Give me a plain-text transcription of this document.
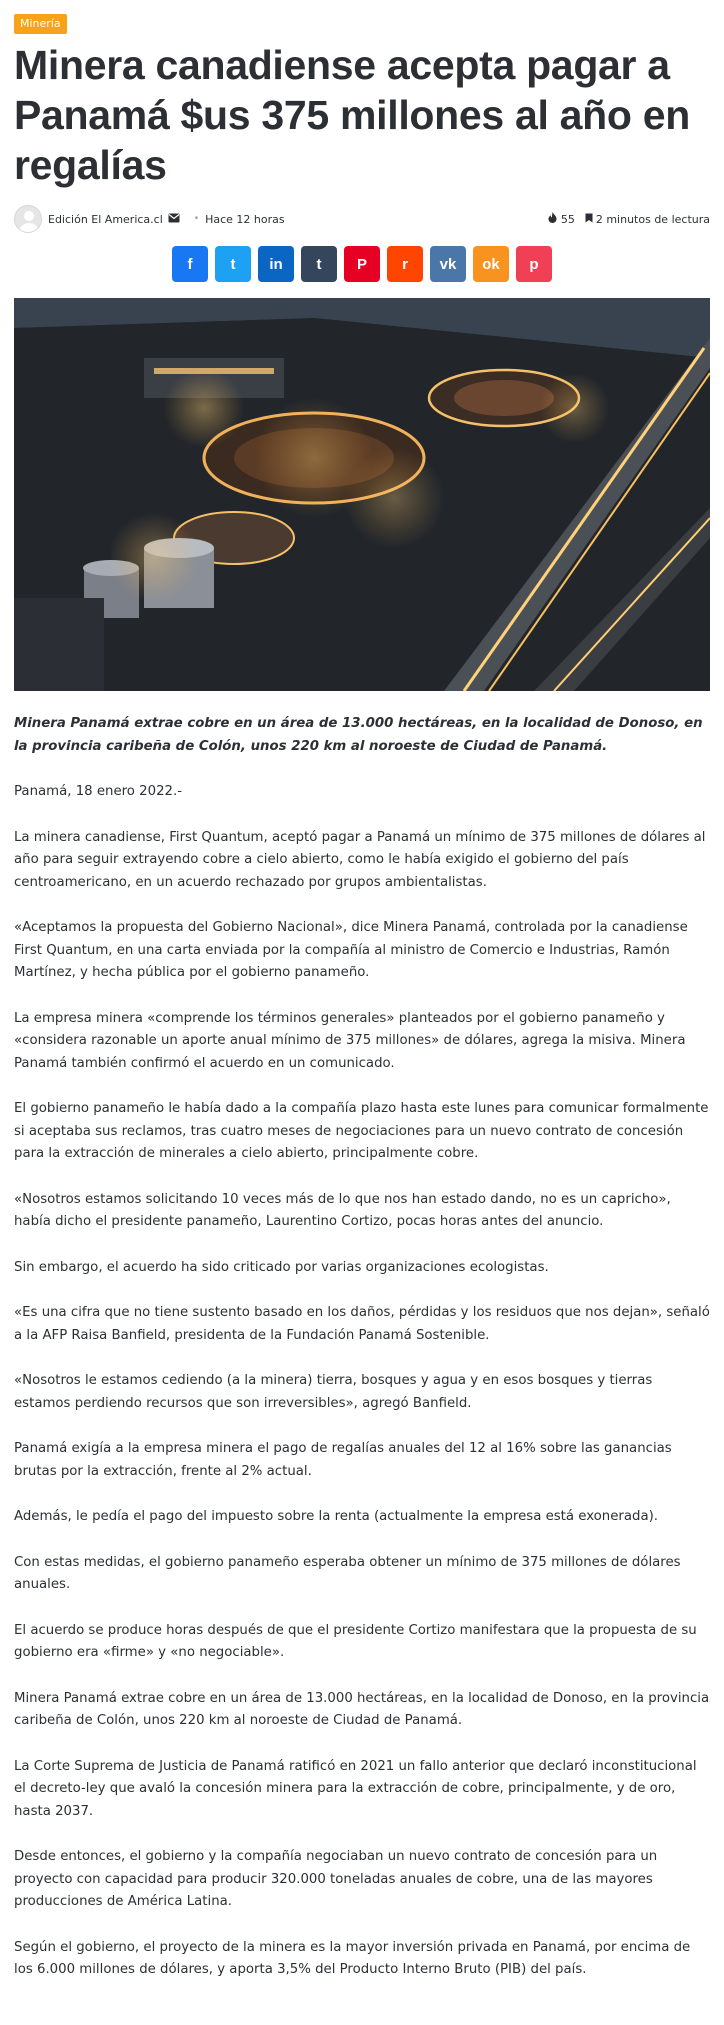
Minería
Minera canadiense acepta pagar a Panamá $us 375 millones al año en regalías
Edición El America.cl	• Hace 12 horas	55 2 minutos de lectura
f	t in t P r vk ok p

Minera Panamá extrae cobre en un área de 13.000 hectáreas, en la localidad de Donoso, en la provincia caribeña de Colón, unos 220 km al noroeste de Ciudad de Panamá.

Panamá, 18 enero 2022.-

La minera canadiense, First Quantum, aceptó pagar a Panamá un mínimo de 375 millones de dólares al año para seguir extrayendo cobre a cielo abierto, como le había exigido el gobierno del país centroamericano, en un acuerdo rechazado por grupos ambientalistas.

«Aceptamos la propuesta del Gobierno Nacional», dice Minera Panamá, controlada por la canadiense First Quantum, en una carta enviada por la compañía al ministro de Comercio e Industrias, Ramón Martínez, y hecha pública por el gobierno panameño.

La empresa minera «comprende los términos generales» planteados por el gobierno panameño y «considera razonable un aporte anual mínimo de 375 millones» de dólares, agrega la misiva. Minera Panamá también confirmó el acuerdo en un comunicado.

El gobierno panameño le había dado a la compañía plazo hasta este lunes para comunicar formalmente si aceptaba sus reclamos, tras cuatro meses de negociaciones para un nuevo contrato de concesión para la extracción de minerales a cielo abierto, principalmente cobre.

«Nosotros estamos solicitando 10 veces más de lo que nos han estado dando, no es un capricho», había dicho el presidente panameño, Laurentino Cortizo, pocas horas antes del anuncio.

Sin embargo, el acuerdo ha sido criticado por varias organizaciones ecologistas.

«Es una cifra que no tiene sustento basado en los daños, pérdidas y los residuos que nos dejan», señaló a la AFP Raisa Banfield, presidenta de la Fundación Panamá Sostenible.

«Nosotros le estamos cediendo (a la minera) tierra, bosques y agua y en esos bosques y tierras estamos perdiendo recursos que son irreversibles», agregó Banfield.

Panamá exigía a la empresa minera el pago de regalías anuales del 12 al 16% sobre las ganancias brutas por la extracción, frente al 2% actual.

Además, le pedía el pago del impuesto sobre la renta (actualmente la empresa está exonerada).

Con estas medidas, el gobierno panameño esperaba obtener un mínimo de 375 millones de dólares anuales.

El acuerdo se produce horas después de que el presidente Cortizo manifestara que la propuesta de su gobierno era «firme» y «no negociable».

Minera Panamá extrae cobre en un área de 13.000 hectáreas, en la localidad de Donoso, en la provincia caribeña de Colón, unos 220 km al noroeste de Ciudad de Panamá.

La Corte Suprema de Justicia de Panamá ratificó en 2021 un fallo anterior que declaró inconstitucional el decreto-ley que avaló la concesión minera para la extracción de cobre, principalmente, y de oro, hasta 2037.

Desde entonces, el gobierno y la compañía negociaban un nuevo contrato de concesión para un proyecto con capacidad para producir 320.000 toneladas anuales de cobre, una de las mayores producciones de América Latina.

Según el gobierno, el proyecto de la minera es la mayor inversión privada en Panamá, por encima de los 6.000 millones de dólares, y aporta 3,5% del Producto Interno Bruto (PIB) del país.
